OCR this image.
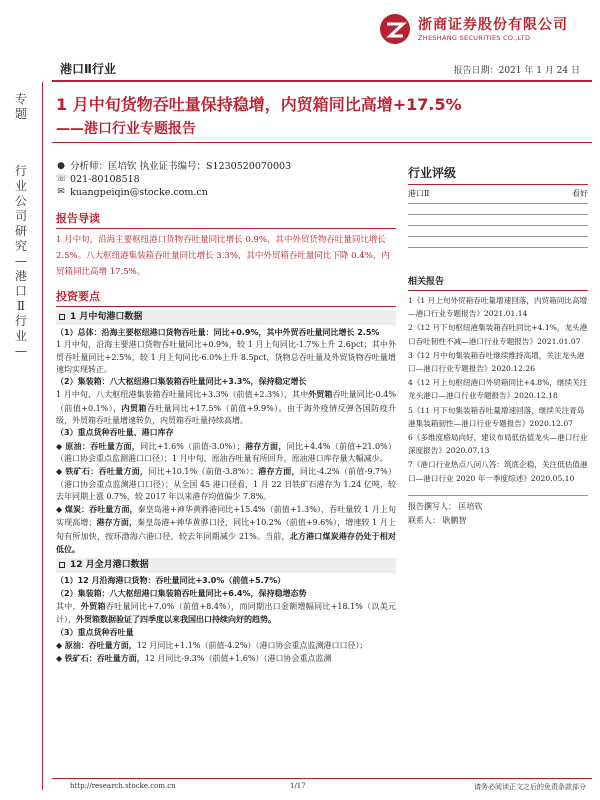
浙商证券股份有限公司
ZHESHANG SECURITIES CO.,LTD
港口Ⅱ行业	报告日期：2021 年 1 月 24 日
专
题
行
业
公
司
研
究
—
港
口
Ⅱ
行
业
—
1 月中旬货物吞吐量保持稳增，内贸箱同比高增+17.5%
——港口行业专题报告
● 分析师：匡培钦 执业证书编号：S1230520070003
☏ 021-80108518
✉ kuangpeiqin@stocke.com.cn
报告导读
1 月中旬，沿海主要枢纽港口货物吞吐量同比增长 0.9%，其中外贸货物吞吐量同比增长 2.5%。八大枢纽港集装箱吞吐量同比增长 3.3%，其中外贸箱吞吐量同比下降 0.4%，内贸箱同比高增 17.5%。
投资要点
1 月中旬港口数据
（1）总体：沿海主要枢纽港口货物吞吐量：同比+0.9%，其中外贸吞吐量同比增长 2.5%
1 月中旬，沿海主要港口货物吞吐量同比+0.9%，较 1 月上旬同比-1.7%上升 2.6pct；其中外贸吞吐量同比+2.5%，较 1 月上旬同比-6.0%上升 8.5pct，货物总吞吐量及外贸货物吞吐量增速均实现转正。
（2）集装箱：八大枢纽港口集装箱吞吐量同比+3.3%，保持稳定增长
1 月中旬，八大枢纽港集装箱吞吐量同比+3.3%（前值+2.3%），其中外贸箱吞吐量同比-0.4%（前值+0.1%），内贸箱吞吐量同比+17.5%（前值+9.9%）。由于海外疫情反弹各国防疫升级，外贸箱吞吐量增速转负，内贸箱吞吐量持续高增。
（3）重点货种吞吐量、港口库存
◆ 原油：吞吐量方面，同比+1.6%（前值-3.0%）；港存方面，同比+4.4%（前值+21.0%）（港口协会重点监测港口口径）；1 月中旬，原油吞吐量有所回升，原油港口库存量大幅减少。
◆ 铁矿石：吞吐量方面，同比+10.1%（前值-3.8%）；港存方面，同比-4.2%（前值-9.7%）（港口协会重点监测港口口径）；从全国 45 港口径看，1 月 22 日铁矿石港存为 1.24 亿吨，较去年同期上涨 0.7%，较 2017 年以来港存均值偏少 7.8%。
◆ 煤炭：吞吐量方面，秦皇岛港+神华黄骅港同比+15.4%（前值+1.3%），吞吐量较 1 月上旬实现高增；港存方面，秦皇岛港+神华黄骅口径，同比+10.2%（前值+9.6%），增速较 1 月上旬有所加快，按环渤海六港口径，较去年同期减少 21%。当前，北方港口煤炭港存仍处于相对低位。
12 月全月港口数据
（1）12 月沿海港口货物：吞吐量同比+3.0%（前值+5.7%）
（2）集装箱：八大枢纽港口集装箱吞吐量同比+6.4%，保持稳增态势
其中，外贸箱吞吐量同比+7.0%（前值+8.4%），而同期出口金额增幅同比+18.1%（以美元计），外贸箱数据验证了四季度以来我国出口持续向好的趋势。
（3）重点货种吞吐量
◆ 原油：吞吐量方面，12 月同比+1.1%（前值-4.2%）（港口协会重点监测港口口径）；
◆ 铁矿石：吞吐量方面，12 月同比-9.3%（前值+1.6%）（港口协会重点监测
行业评级
港口Ⅱ	看好
相关报告
1《1 月上旬外贸箱吞吐量增速回落，内贸箱同比高增—港口行业专题报告》2021.01.14
2《12 月下旬枢纽港集装箱吞吐同比+4.1%，龙头港口吞吐韧性不减—港口行业专题报告》2021.01.07
3《12 月中旬集装箱吞吐继续维持高增，关注龙头港口—港口行业专题报告》2020.12.26
4《12 月上旬枢纽港口外贸箱同比+4.8%，继续关注龙头港口—港口行业专题报告》2020.12.18
5《11 月下旬集装箱吞吐量增速回落，继续关注青岛港集装箱韧性—港口行业专题报告》2020.12.07
6《多维度格局向好，建议布局低估值龙头—港口行业深度报告》2020.07.13
7《港口行业热点八问八答：筑底企稳，关注低估值港口—港口行业 2020 年一季度综述》2020.05.10
报告撰写人： 匡培钦
联系人： 耿鹏智
http://research.stocke.com.cn	1/17	请务必阅读正文之后的免责条款部分
